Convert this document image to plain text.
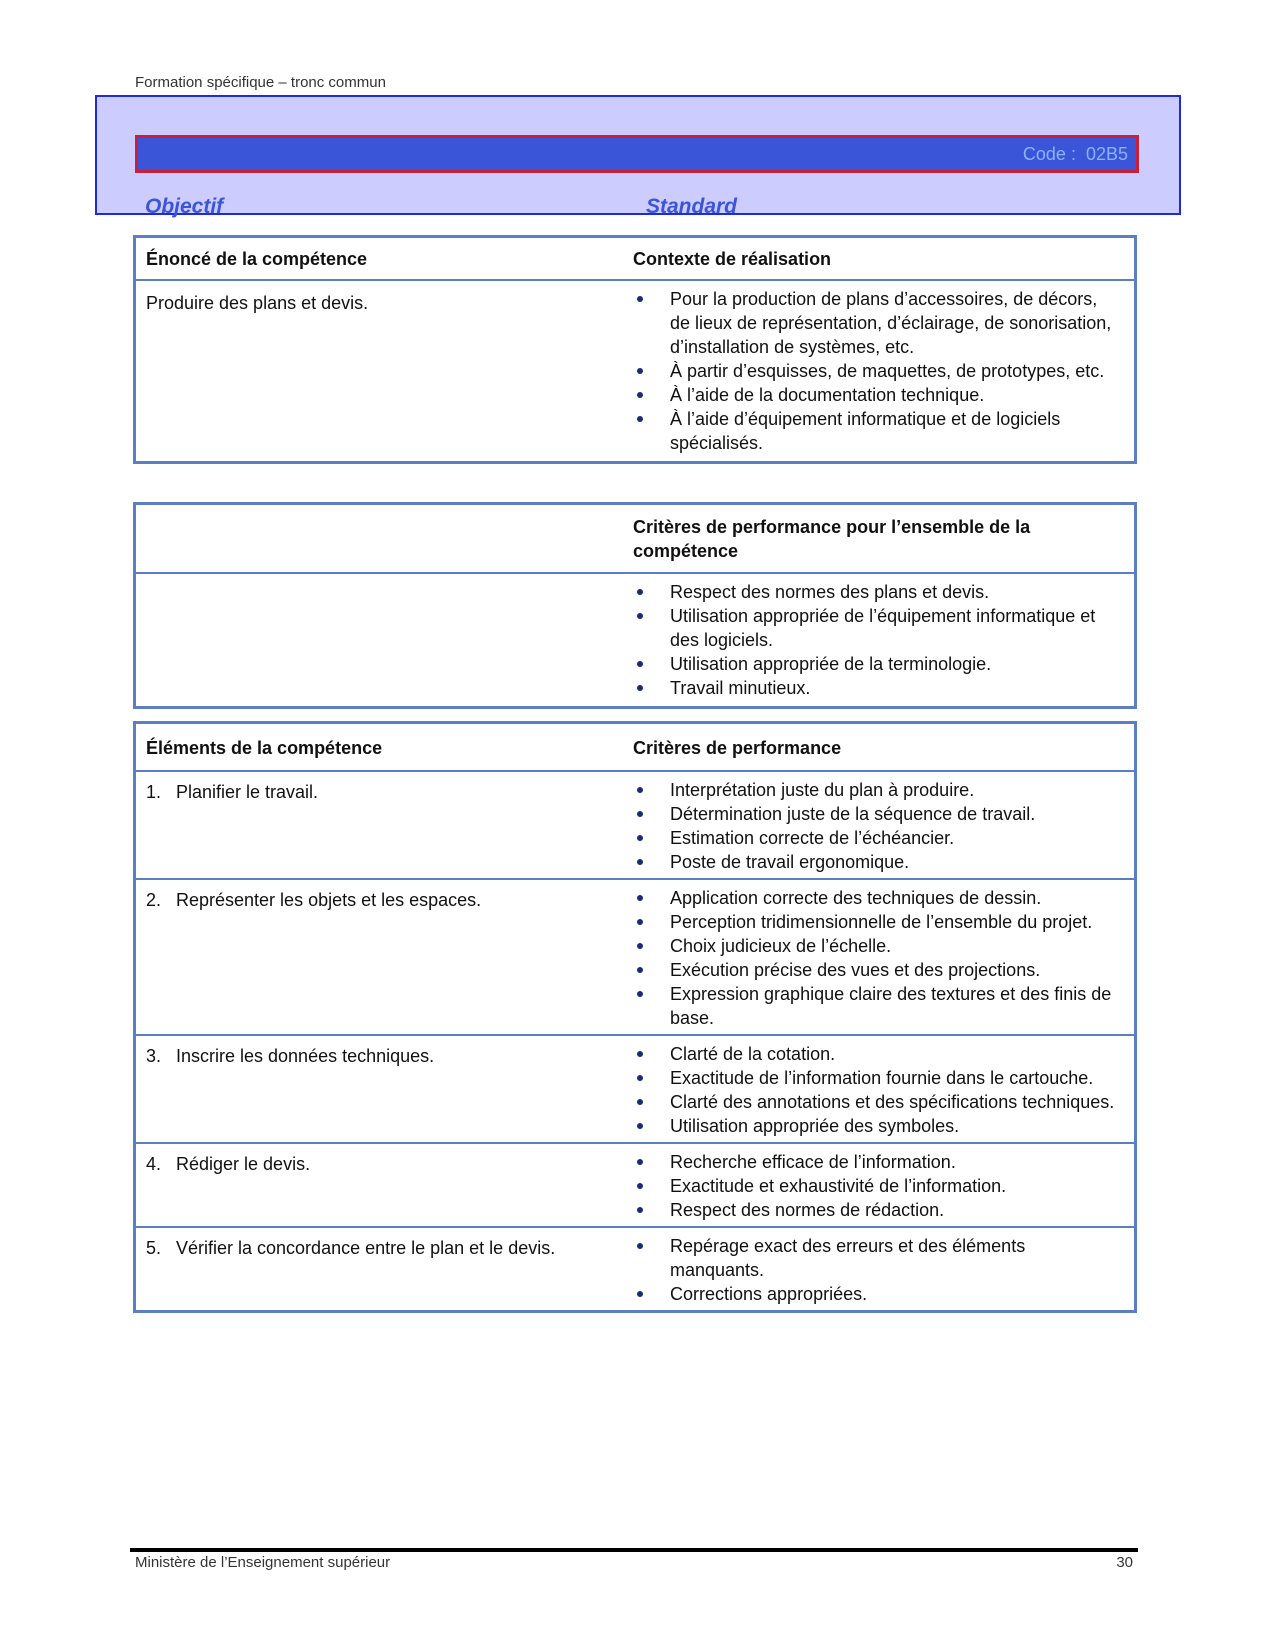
Formation spécifique – tronc commun
Code : 02B5
Objectif	Standard
Énoncé de la compétence	Contexte de réalisation
Produire des plans et devis.	Pour la production de plans d’accessoires, de décors, de lieux de représentation, d’éclairage, de sonorisation, d’installation de systèmes, etc.
À partir d’esquisses, de maquettes, de prototypes, etc.
À l’aide de la documentation technique.
À l’aide d’équipement informatique et de logiciels spécialisés.
Critères de performance pour l’ensemble de la compétence
Respect des normes des plans et devis.
Utilisation appropriée de l’équipement informatique et des logiciels.
Utilisation appropriée de la terminologie.
Travail minutieux.
Éléments de la compétence	Critères de performance
1. Planifier le travail.	Interprétation juste du plan à produire.
Détermination juste de la séquence de travail.
Estimation correcte de l’échéancier.
Poste de travail ergonomique.
2. Représenter les objets et les espaces.	Application correcte des techniques de dessin.
Perception tridimensionnelle de l’ensemble du projet.
Choix judicieux de l’échelle.
Exécution précise des vues et des projections.
Expression graphique claire des textures et des finis de base.
3. Inscrire les données techniques.	Clarté de la cotation.
Exactitude de l’information fournie dans le cartouche.
Clarté des annotations et des spécifications techniques.
Utilisation appropriée des symboles.
4. Rédiger le devis.	Recherche efficace de l’information.
Exactitude et exhaustivité de l’information.
Respect des normes de rédaction.
5. Vérifier la concordance entre le plan et le devis.	Repérage exact des erreurs et des éléments manquants.
Corrections appropriées.
Ministère de l’Enseignement supérieur	30
